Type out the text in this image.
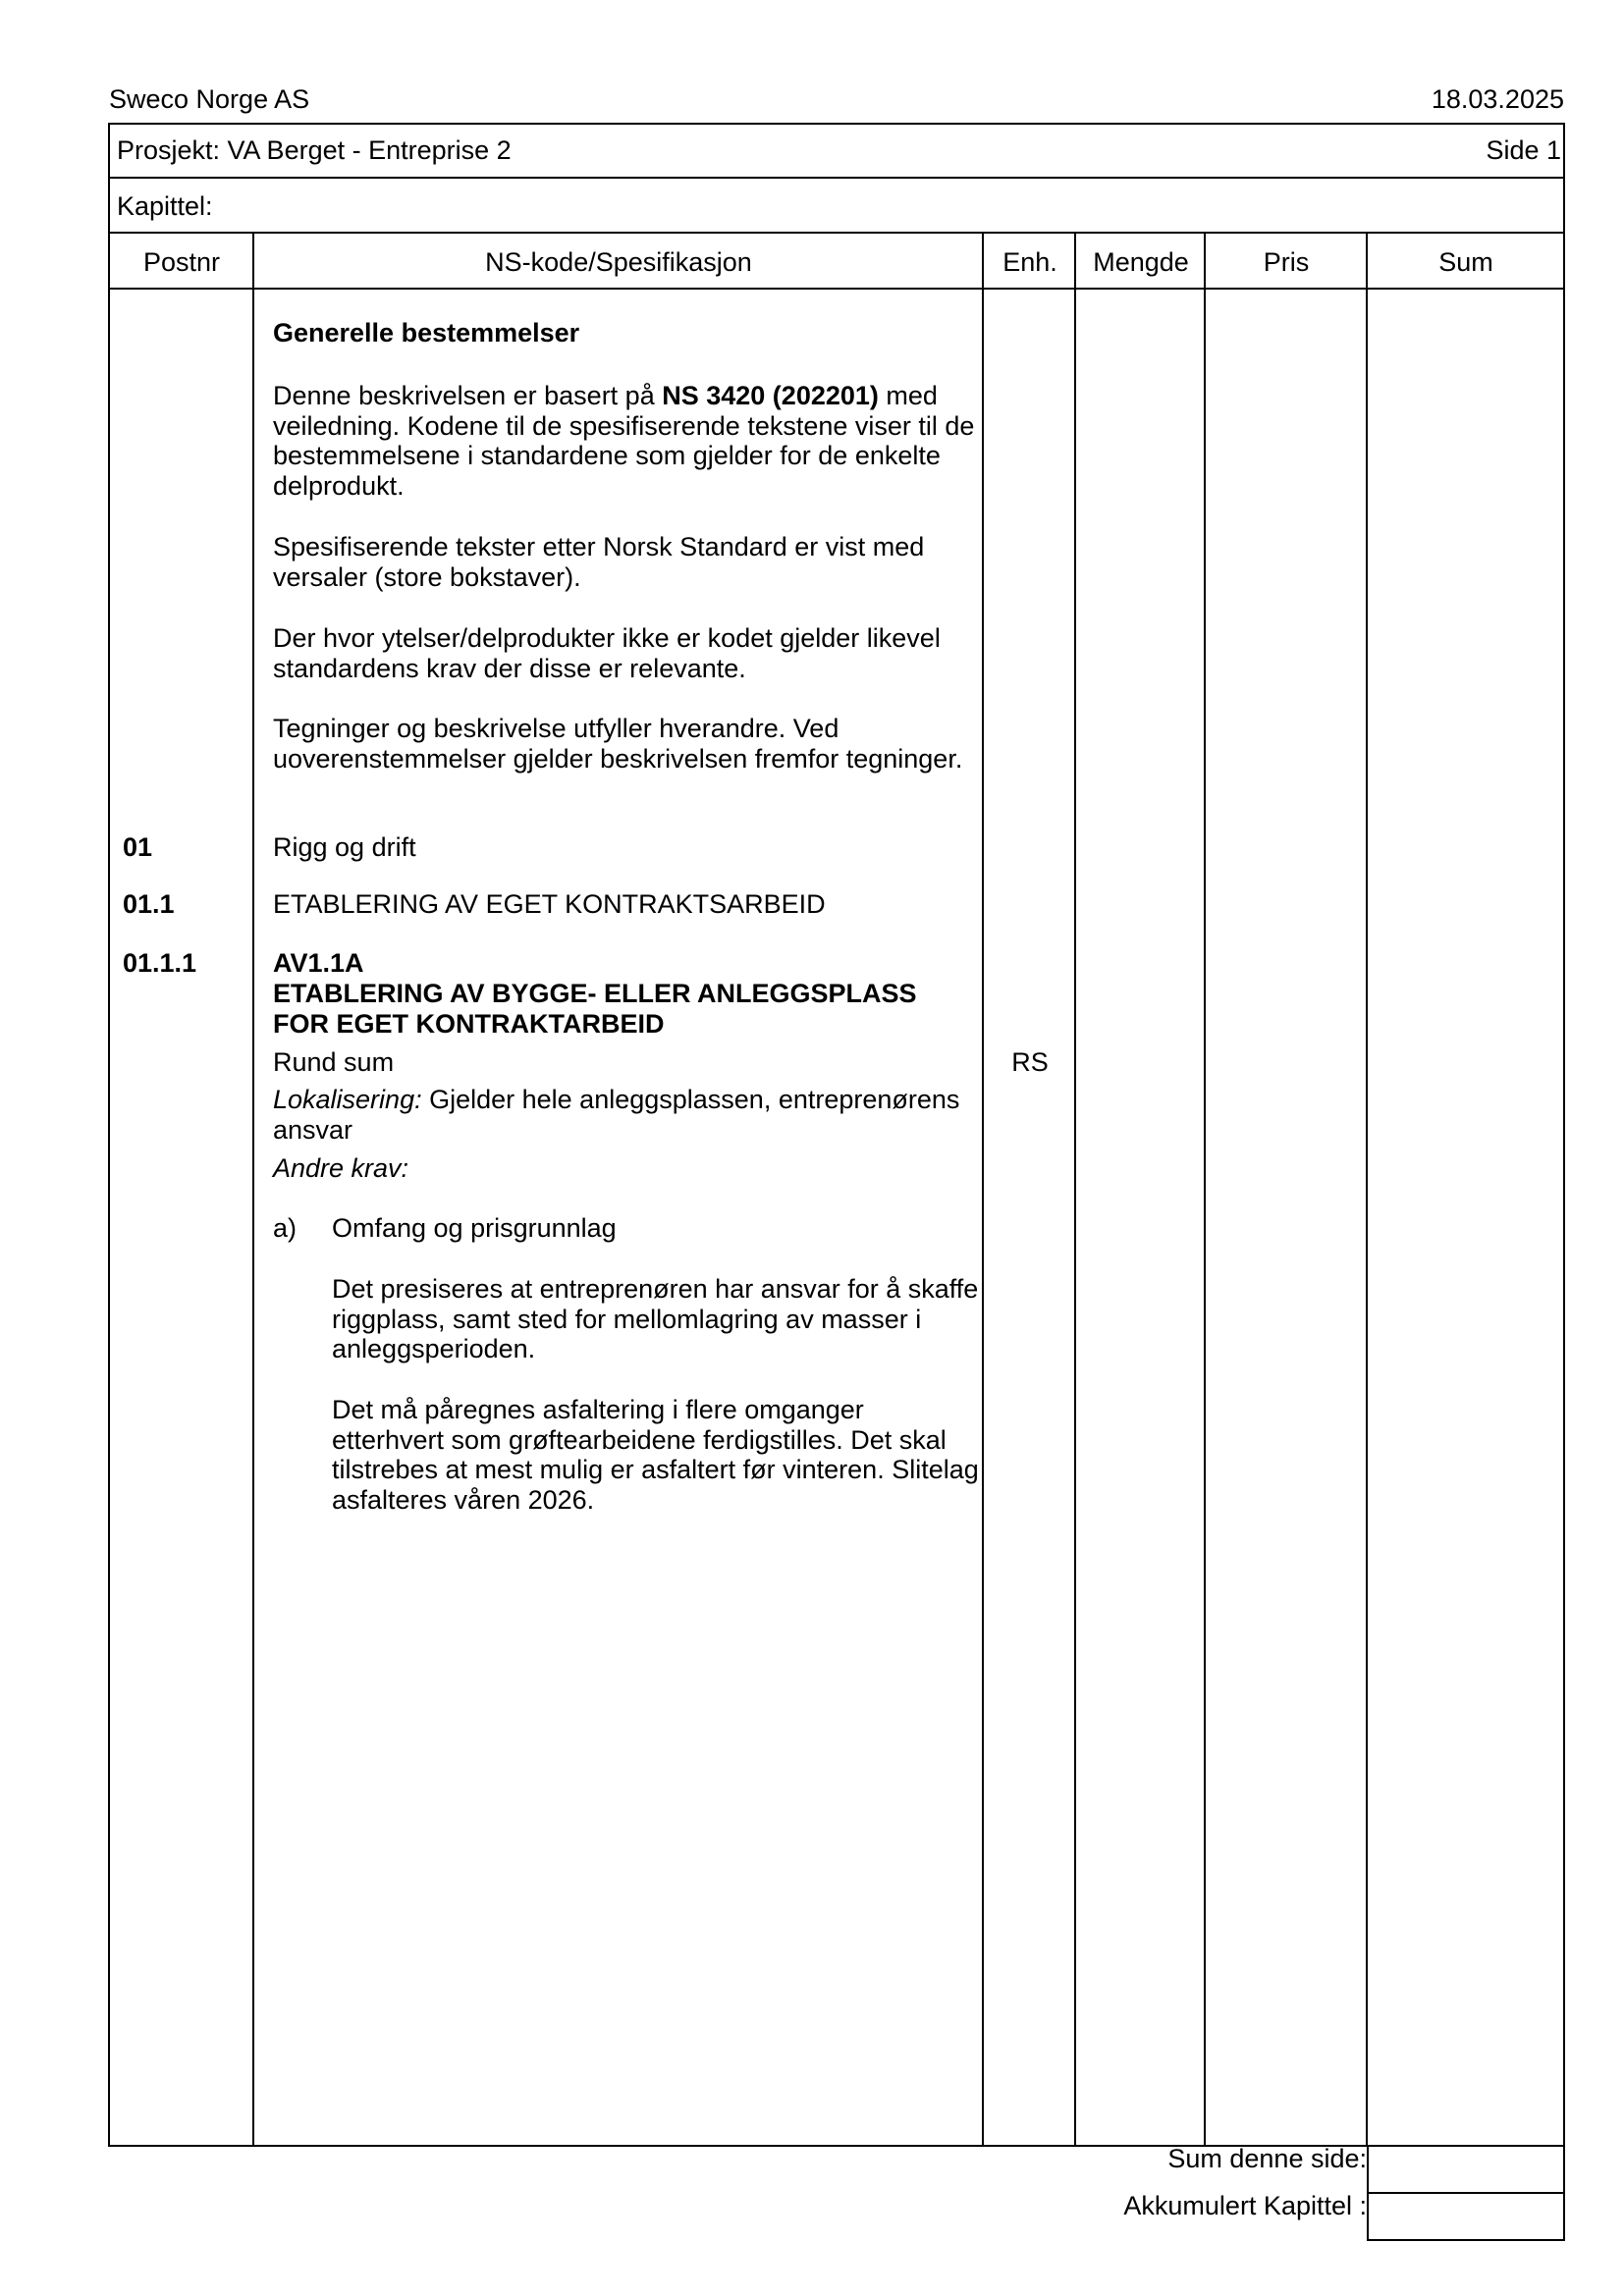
Sweco Norge AS	18.03.2025
Prosjekt: VA Berget - Entreprise 2	Side 1
Kapittel:
Postnr	NS-kode/Spesifikasjon	Enh.	Mengde	Pris	Sum
Generelle bestemmelser
Denne beskrivelsen er basert på NS 3420 (202201) med veiledning. Kodene til de spesifiserende tekstene viser til de bestemmelsene i standardene som gjelder for de enkelte delprodukt.
Spesifiserende tekster etter Norsk Standard er vist med versaler (store bokstaver).
Der hvor ytelser/delprodukter ikke er kodet gjelder likevel standardens krav der disse er relevante.
Tegninger og beskrivelse utfyller hverandre. Ved uoverenstemmelser gjelder beskrivelsen fremfor tegninger.
01	Rigg og drift
01.1	ETABLERING AV EGET KONTRAKTSARBEID
01.1.1	AV1.1A
ETABLERING AV BYGGE- ELLER ANLEGGSPLASS
FOR EGET KONTRAKTARBEID
Rund sum	RS
Lokalisering: Gjelder hele anleggsplassen, entreprenørens ansvar
Andre krav:
a)	Omfang og prisgrunnlag
Det presiseres at entreprenøren har ansvar for å skaffe riggplass, samt sted for mellomlagring av masser i anleggsperioden.
Det må påregnes asfaltering i flere omganger etterhvert som grøftearbeidene ferdigstilles. Det skal tilstrebes at mest mulig er asfaltert før vinteren. Slitelag asfalteres våren 2026.
Sum denne side:
Akkumulert Kapittel :
